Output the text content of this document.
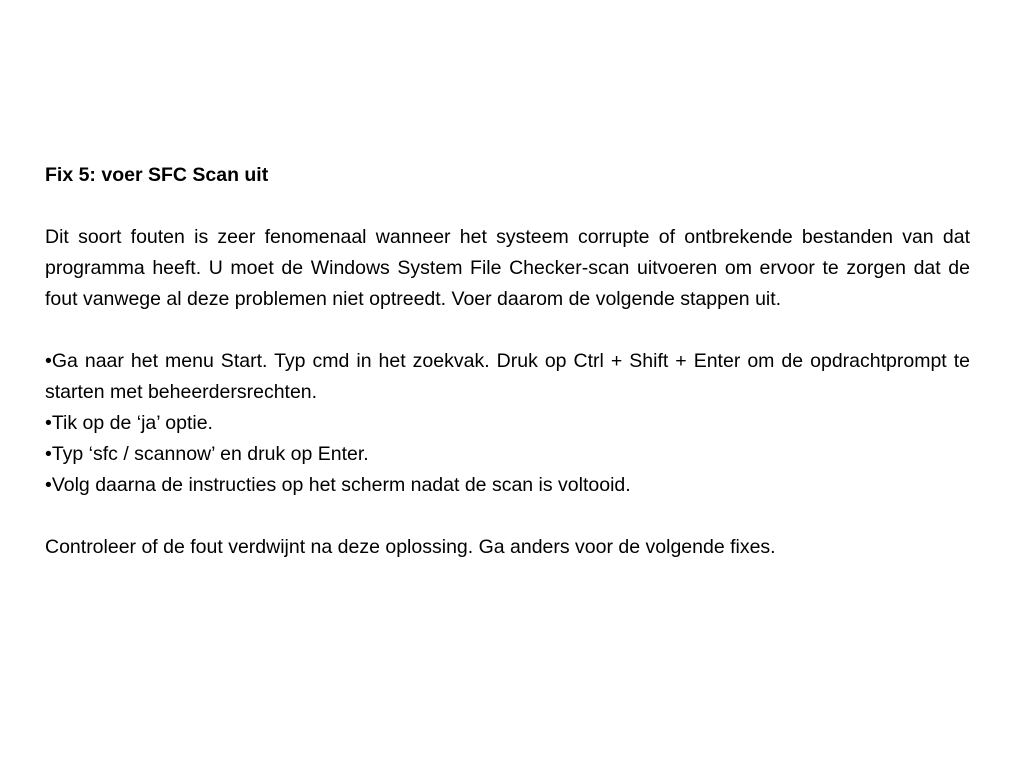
Fix 5: voer SFC Scan uit

Dit soort fouten is zeer fenomenaal wanneer het systeem corrupte of ontbrekende bestanden van dat programma heeft. U moet de Windows System File Checker-scan uitvoeren om ervoor te zorgen dat de fout vanwege al deze problemen niet optreedt. Voer daarom de volgende stappen uit.

•Ga naar het menu Start. Typ cmd in het zoekvak. Druk op Ctrl + Shift + Enter om de opdrachtprompt te starten met beheerdersrechten.
•Tik op de ‘ja’ optie.
•Typ ‘sfc / scannow’ en druk op Enter.
•Volg daarna de instructies op het scherm nadat de scan is voltooid.

Controleer of de fout verdwijnt na deze oplossing. Ga anders voor de volgende fixes.
